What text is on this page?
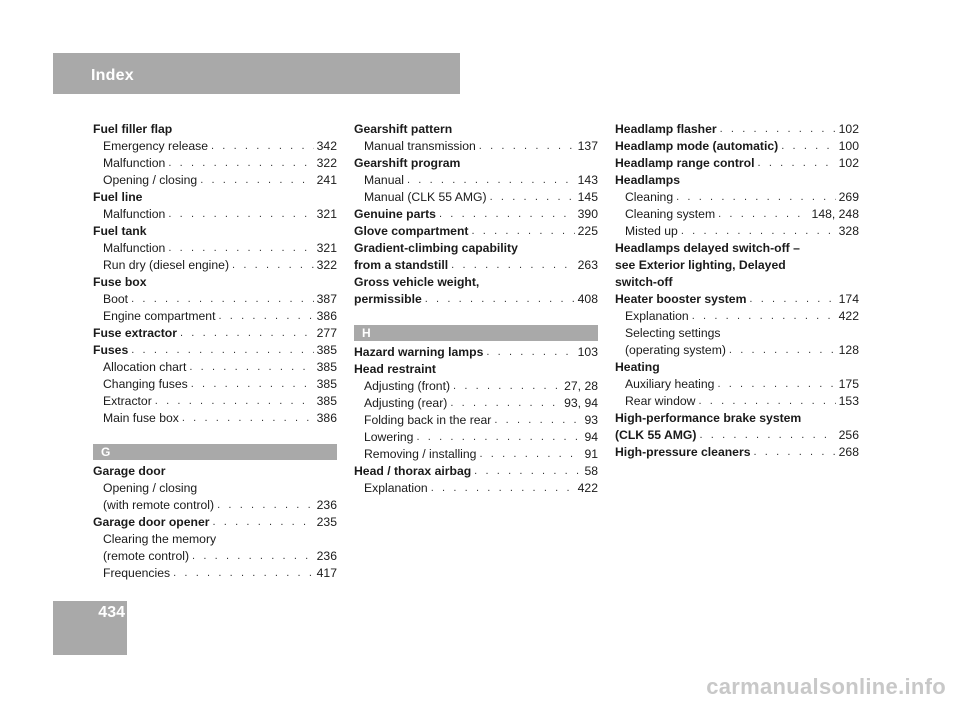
Index
Fuel filler flap
Emergency release . . .	342
Malfunction . . .	322
Opening / closing . . .	241
Fuel line
Malfunction . . .	321
Fuel tank
Malfunction . . .	321
Run dry (diesel engine) . . .	322
Fuse box
Boot . . .	387
Engine compartment . . .	386
Fuse extractor . . .	277
Fuses . . .	385
Allocation chart . . .	385
Changing fuses . . .	385
Extractor . . .	385
Main fuse box . . .	386
G
Garage door
Opening / closing
(with remote control) . . .	236
Garage door opener . . .	235
Clearing the memory
(remote control) . . .	236
Frequencies . . .	417
Gearshift pattern
Manual transmission . . .	137
Gearshift program
Manual . . .	143
Manual (CLK 55 AMG) . . .	145
Genuine parts . . .	390
Glove compartment . . .	225
Gradient-climbing capability
from a standstill . . .	263
Gross vehicle weight,
permissible . . .	408
H
Hazard warning lamps . . .	103
Head restraint
Adjusting (front) . . .	27, 28
Adjusting (rear) . . .	93, 94
Folding back in the rear . . .	93
Lowering . . .	94
Removing / installing . . .	91
Head / thorax airbag . . .	58
Explanation . . .	422
Headlamp flasher . . .	102
Headlamp mode (automatic) . . .	100
Headlamp range control . . .	102
Headlamps
Cleaning . . .	269
Cleaning system . . .	148, 248
Misted up . . .	328
Headlamps delayed switch-off –
see Exterior lighting, Delayed
switch-off
Heater booster system . . .	174
Explanation . . .	422
Selecting settings
(operating system) . . .	128
Heating
Auxiliary heating . . .	175
Rear window . . .	153
High-performance brake system
(CLK 55 AMG) . . .	256
High-pressure cleaners . . .	268
434
carmanualsonline.info
